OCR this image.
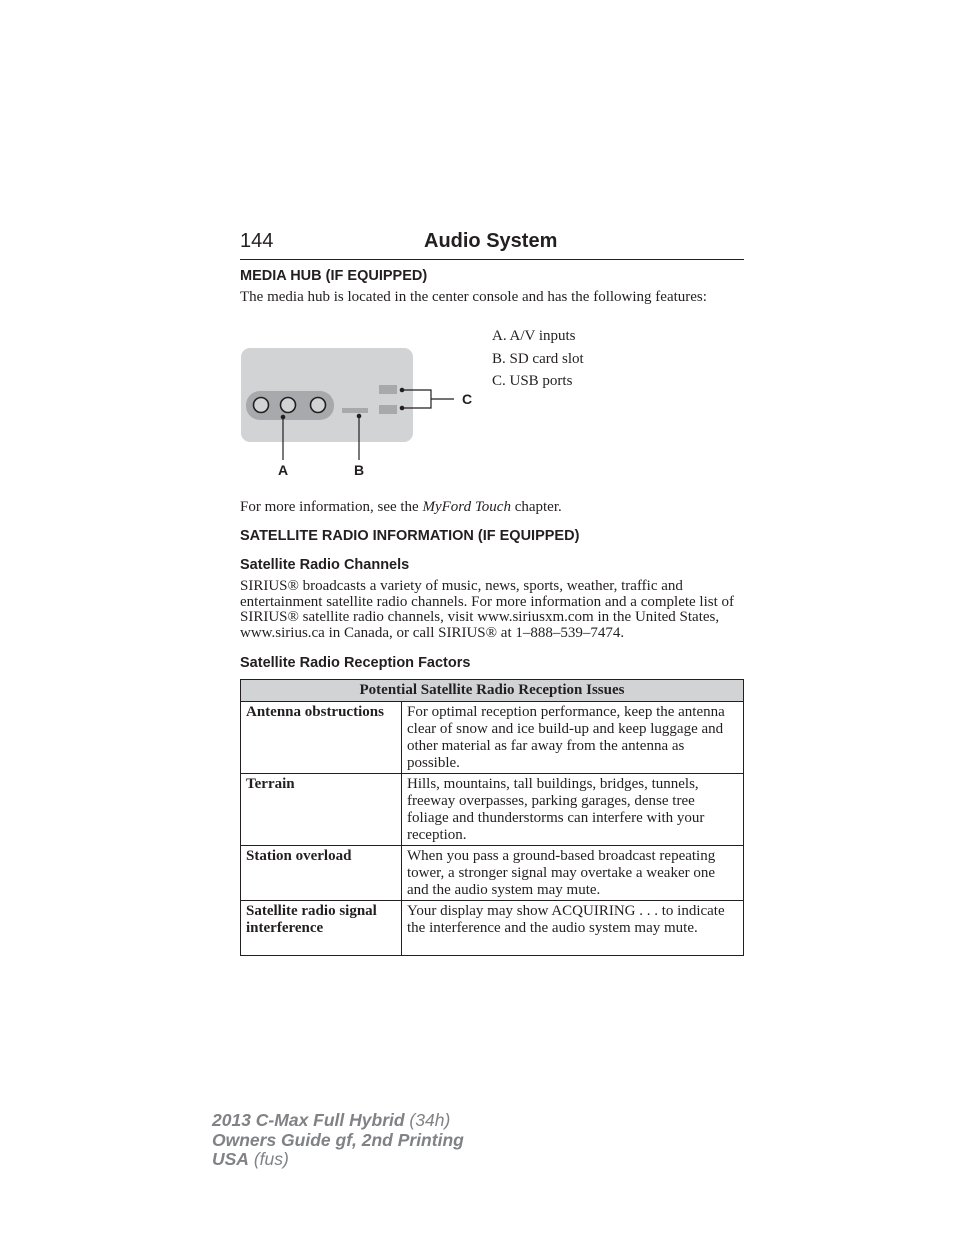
144	Audio System
MEDIA HUB (IF EQUIPPED)
The media hub is located in the center console and has the following features:
A. A/V inputs
B. SD card slot
C. USB ports
A	B
C
For more information, see the MyFord Touch chapter.
SATELLITE RADIO INFORMATION (IF EQUIPPED)
Satellite Radio Channels
SIRIUS® broadcasts a variety of music, news, sports, weather, traffic and entertainment satellite radio channels. For more information and a complete list of SIRIUS® satellite radio channels, visit www.siriusxm.com in the United States, www.sirius.ca in Canada, or call SIRIUS® at 1–888–539–7474.
Satellite Radio Reception Factors
Potential Satellite Radio Reception Issues	
Antenna obstructions	For optimal reception performance, keep the antenna clear of snow and ice build-up and keep luggage and other material as far away from the antenna as possible.
Terrain	Hills, mountains, tall buildings, bridges, tunnels, freeway overpasses, parking garages, dense tree foliage and thunderstorms can interfere with your reception.
Station overload	When you pass a ground-based broadcast repeating tower, a stronger signal may overtake a weaker one and the audio system may mute.
Satellite radio signal interference	Your display may show ACQUIRING . . . to indicate the interference and the audio system may mute.
2013 C-Max Full Hybrid (34h)
Owners Guide gf, 2nd Printing
USA (fus)
